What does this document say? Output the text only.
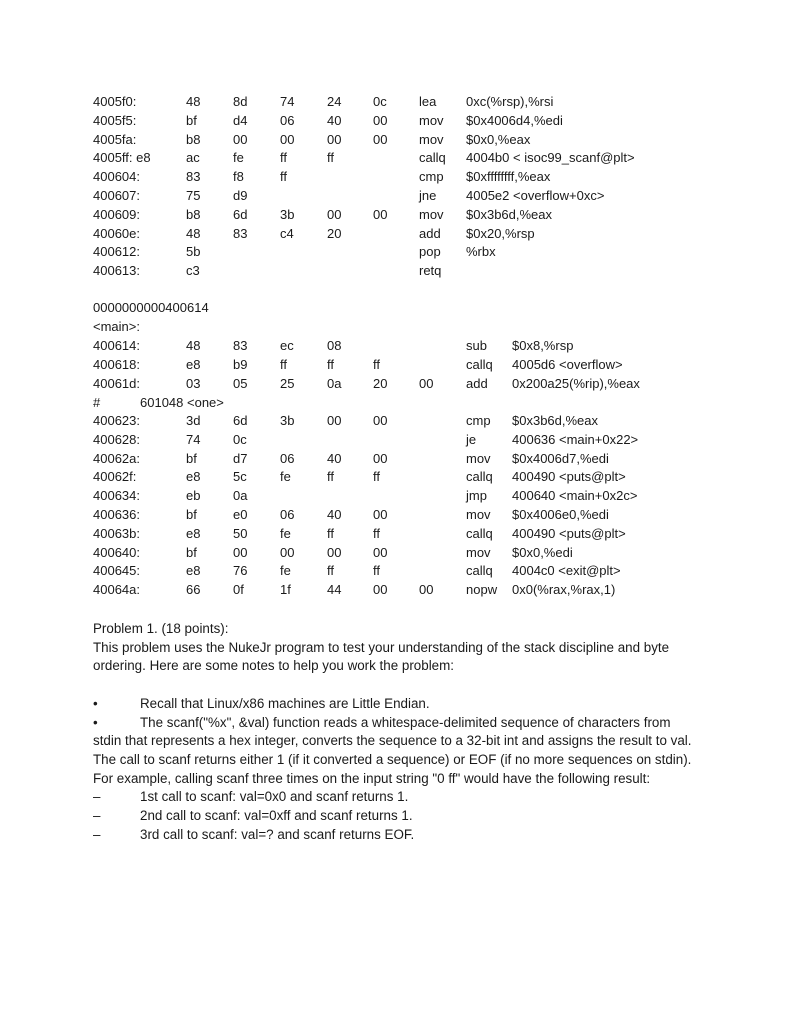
4005f0:	48	8d	74	24 0c lea 0xc(%rsp),%rsi
4005f5:	bf	d4	06	40 00 mov $0x4006d4,%edi
4005fa:	b8	00	00	00 00 mov $0x0,%eax
4005ff: e8	ac	fe	ff	ff	callq 4004b0 < isoc99_scanf@plt>
400604:	83	f8	ff	cmp $0xffffffff,%eax
400607:	75	d9	jne 4005e2 <overflow+0xc>
400609:	b8	6d	3b	00 00 mov $0x3b6d,%eax
40060e:	48	83	c4	20	add $0x20,%rsp
400612:	5b	pop %rbx
400613:	c3	retq
0000000000400614
<main>:
400614:	48	83	ec	08	sub $0x8,%rsp
400618:	e8	b9	ff	ff	ff	callq 4005d6 <overflow>
40061d:	03	05	25	0a 20 00	add 0x200a25(%rip),%eax
#	601048 <one>
400623:	3d	6d	3b	00 00	cmp $0x3b6d,%eax
400628:	74	0c	je	400636 <main+0x22>
40062a:	bf	d7	06	40 00	mov $0x4006d7,%edi
40062f:	e8	5c	fe	ff	ff	callq 400490 <puts@plt>
400634:	eb	0a	jmp 400640 <main+0x2c>
400636:	bf	e0	06	40 00	mov $0x4006e0,%edi
40063b:	e8	50	fe	ff	ff	callq 400490 <puts@plt>
400640:	bf	00	00	00 00	mov $0x0,%edi
400645:	e8	76	fe	ff	ff	callq 4004c0 <exit@plt>
40064a:	66	0f	1f	44 00 00	nopw 0x0(%rax,%rax,1)

Problem 1. (18 points):

This problem uses the NukeJr program to test your understanding of the stack discipline and byte ordering. Here are some notes to help you work the problem:

•	Recall that Linux/x86 machines are Little Endian.

•	The scanf("%x", &val) function reads a whitespace-delimited sequence of characters from stdin that represents a hex integer, converts the sequence to a 32-bit int and assigns the result to val. The call to scanf returns either 1 (if it converted a sequence) or EOF (if no more sequences on stdin).

For example, calling scanf three times on the input string "0 ff" would have the following result:

–	1st call to scanf: val=0x0 and scanf returns 1.

–	2nd call to scanf: val=0xff and scanf returns 1.

–	3rd call to scanf: val=? and scanf returns EOF.
